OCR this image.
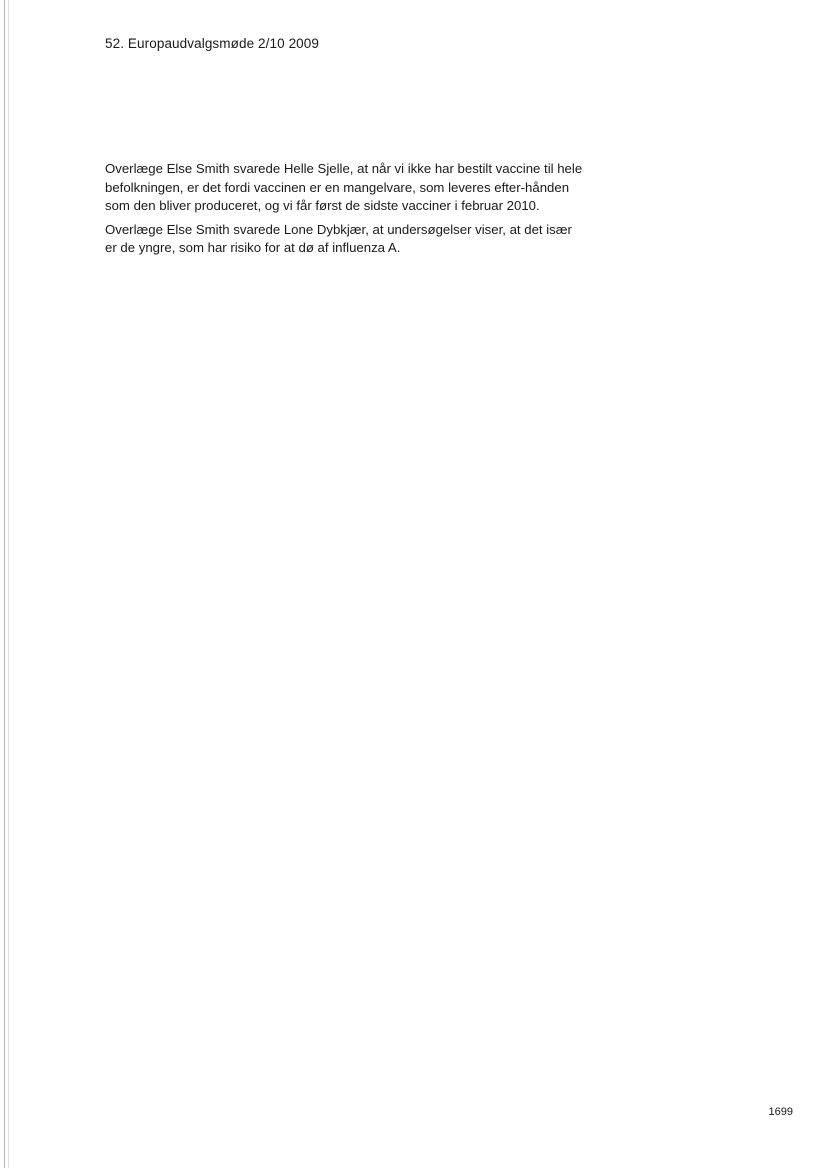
52. Europaudvalgsmøde 2/10 2009

Overlæge Else Smith svarede Helle Sjelle, at når vi ikke har bestilt vaccine til hele befolkningen, er det fordi vaccinen er en mangelvare, som leveres efter-hånden som den bliver produceret, og vi får først de sidste vacciner i februar 2010.

Overlæge Else Smith svarede Lone Dybkjær, at undersøgelser viser, at det især er de yngre, som har risiko for at dø af influenza A.

1699
